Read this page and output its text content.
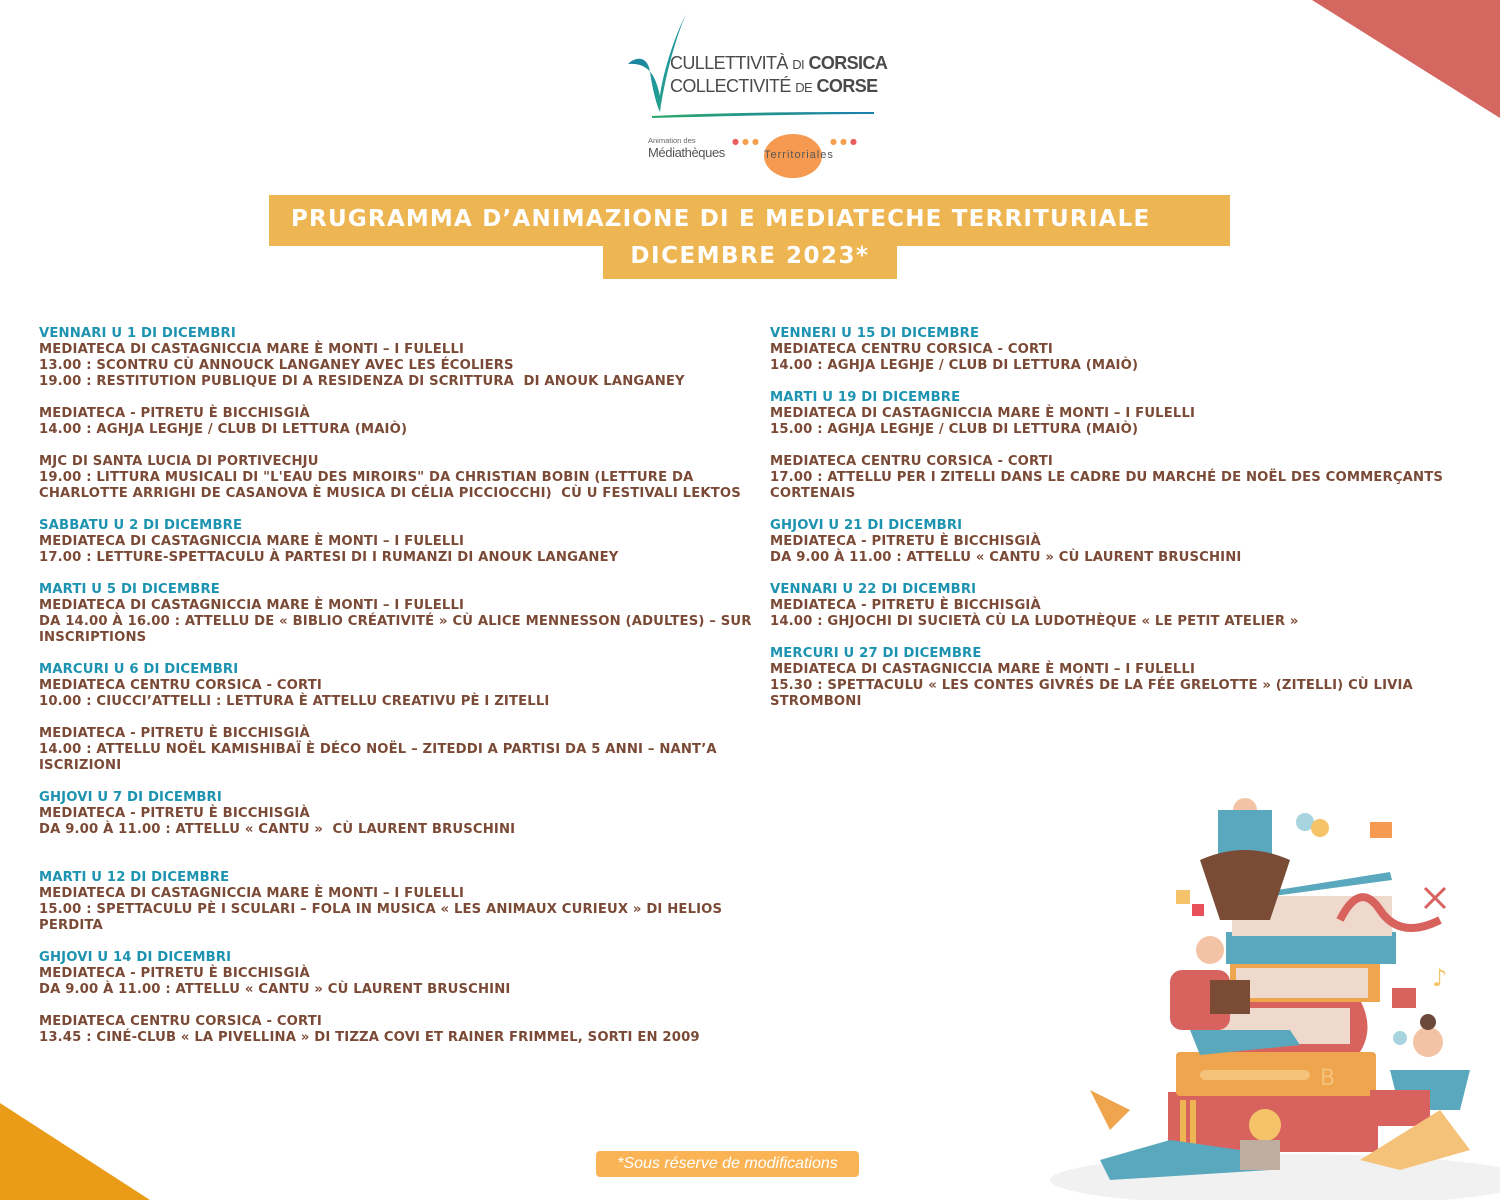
CULLETTIVITÀ DI CORSICA
COLLECTIVITÉ DE CORSE
Animation des	●●●	●●●
Médiathèques	Territoriales
PRUGRAMMA D’ANIMAZIONE DI E MEDIATECHE TERRITURIALE
DICEMBRE 2023*
VENNARI U 1 DI DICEMBRI
MEDIATECA DI CASTAGNICCIA MARE È MONTI – I FULELLI
13.00 : SCONTRU CÙ ANNOUCK LANGANEY AVEC LES ÉCOLIERS
19.00 : RESTITUTION PUBLIQUE DI A RESIDENZA DI SCRITTURA  DI ANOUK LANGANEY
MEDIATECA - PITRETU È BICCHISGIÀ
14.00 : AGHJA LEGHJE / CLUB DI LETTURA (MAIÒ)
MJC DI SANTA LUCIA DI PORTIVECHJU
19.00 : LITTURA MUSICALI DI "L'EAU DES MIROIRS" DA CHRISTIAN BOBIN (LETTURE DA CHARLOTTE ARRIGHI DE CASANOVA È MUSICA DI CÉLIA PICCIOCCHI)  CÙ U FESTIVALI LEKTOS
SABBATU U 2 DI DICEMBRE
MEDIATECA DI CASTAGNICCIA MARE È MONTI – I FULELLI
17.00 : LETTURE-SPETTACULU À PARTESI DI I RUMANZI DI ANOUK LANGANEY
MARTI U 5 DI DICEMBRE
MEDIATECA DI CASTAGNICCIA MARE È MONTI – I FULELLI
DA 14.00 À 16.00 : ATTELLU DE « BIBLIO CRÉATIVITÉ » CÙ ALICE MENNESSON (ADULTES) – SUR INSCRIPTIONS
MARCURI U 6 DI DICEMBRI
MEDIATECA CENTRU CORSICA - CORTI
10.00 : CIUCCI’ATTELLI : LETTURA È ATTELLU CREATIVU PÈ I ZITELLI
MEDIATECA - PITRETU È BICCHISGIÀ
14.00 : ATTELLU NOËL KAMISHIBAÏ È DÉCO NOËL – ZITEDDI A PARTISI DA 5 ANNI – NANT’A ISCRIZIONI
GHJOVI U 7 DI DICEMBRI
MEDIATECA - PITRETU È BICCHISGIÀ
DA 9.00 À 11.00 : ATTELLU « CANTU »  CÙ LAURENT BRUSCHINI
MARTI U 12 DI DICEMBRE
MEDIATECA DI CASTAGNICCIA MARE È MONTI – I FULELLI
15.00 : SPETTACULU PÈ I SCULARI – FOLA IN MUSICA « LES ANIMAUX CURIEUX » DI HELIOS PERDITA
GHJOVI U 14 DI DICEMBRI
MEDIATECA - PITRETU È BICCHISGIÀ
DA 9.00 À 11.00 : ATTELLU « CANTU » CÙ LAURENT BRUSCHINI
MEDIATECA CENTRU CORSICA - CORTI
13.45 : CINÉ-CLUB « LA PIVELLINA » DI TIZZA COVI ET RAINER FRIMMEL, SORTI EN 2009
VENNERI U 15 DI DICEMBRE
MEDIATECA CENTRU CORSICA - CORTI
14.00 : AGHJA LEGHJE / CLUB DI LETTURA (MAIÒ)
MARTI U 19 DI DICEMBRE
MEDIATECA DI CASTAGNICCIA MARE È MONTI – I FULELLI
15.00 : AGHJA LEGHJE / CLUB DI LETTURA (MAIÒ)
MEDIATECA CENTRU CORSICA - CORTI
17.00 : ATTELLU PER I ZITELLI DANS LE CADRE DU MARCHÉ DE NOËL DES COMMERÇANTS CORTENAIS
GHJOVI U 21 DI DICEMBRI
MEDIATECA - PITRETU È BICCHISGIÀ
DA 9.00 À 11.00 : ATTELLU « CANTU » CÙ LAURENT BRUSCHINI
VENNARI U 22 DI DICEMBRI
MEDIATECA - PITRETU È BICCHISGIÀ
14.00 : GHJOCHI DI SUCIETÀ CÙ LA LUDOTHÈQUE « LE PETIT ATELIER »
MERCURI U 27 DI DICEMBRE
MEDIATECA DI CASTAGNICCIA MARE È MONTI – I FULELLI
15.30 : SPETTACULU « LES CONTES GIVRÉS DE LA FÉE GRELOTTE » (ZITELLI) CÙ LIVIA STROMBONI
B
♪
*Sous réserve de modifications
